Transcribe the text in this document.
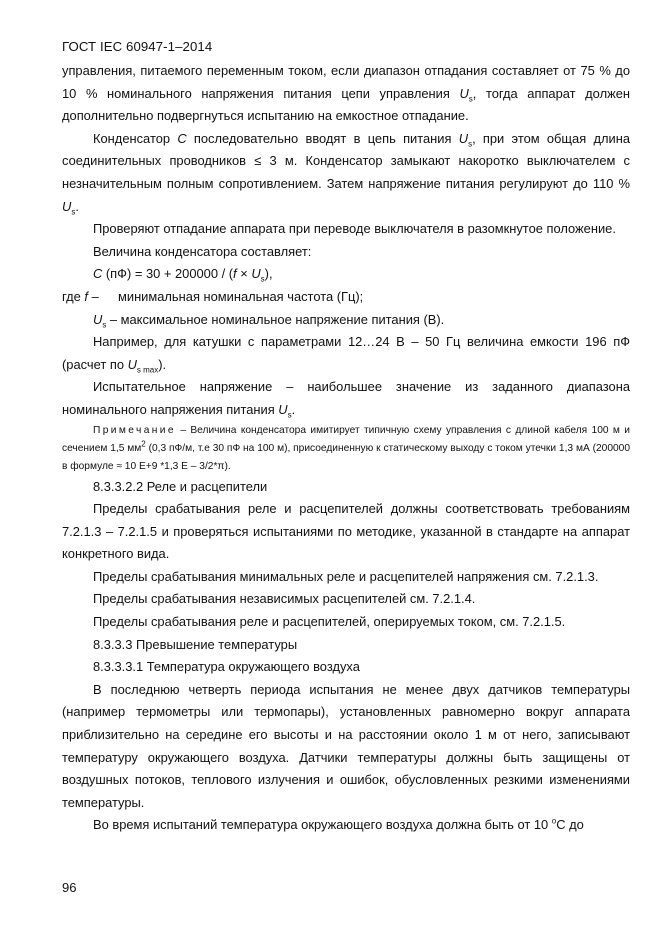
ГОСТ IEC 60947-1–2014

управления, питаемого переменным током, если диапазон отпадания составляет от 75 % до 10 % номинального напряжения питания цепи управления $U_s$, тогда аппарат должен дополнительно подвергнуться испытанию на емкостное отпадание.

Конденсатор C последовательно вводят в цепь питания $U_s$, при этом общая длина соединительных проводников ≤ 3 м. Конденсатор замыкают накоротко выключателем с незначительным полным сопротивлением. Затем напряжение питания регулируют до 110 % $U_s$.

Проверяют отпадание аппарата при переводе выключателя в разомкнутое положение.

Величина конденсатора составляет:

C $(пФ) = 30 + 200000 / (f \times U_s)$,

где f –	минимальная номинальная частота (Гц);

$U_s$ – максимальное номинальное напряжение питания (В).

Например, для катушки с параметрами 12…24 В – 50 Гц величина емкости 196 пФ (расчет по $U_{s max}$).

Испытательное напряжение – наибольшее значение из заданного диапазона номинального напряжения питания $U_s$.

Примечание – Величина конденсатора имитирует типичную схему управления с длиной кабеля 100 м и сечением 1,5 $мм^2$ (0,3 пФ/м, т.е 30 пФ на 100 м), присоединенную к статическому выходу с током утечки 1,3 мА (200000 в формуле ≈ 10 E+9 *1,3 E – 3/2*π).

8.3.3.2.2 Реле и расцепители

Пределы срабатывания реле и расцепителей должны соответствовать требованиям 7.2.1.3 – 7.2.1.5 и проверяться испытаниями по методике, указанной в стандарте на аппарат конкретного вида.

Пределы срабатывания минимальных реле и расцепителей напряжения см. 7.2.1.3.

Пределы срабатывания независимых расцепителей см. 7.2.1.4.

Пределы срабатывания реле и расцепителей, оперируемых током, см. 7.2.1.5.

8.3.3.3 Превышение температуры

8.3.3.3.1 Температура окружающего воздуха

В последнюю четверть периода испытания не менее двух датчиков температуры (например термометры или термопары), установленных равномерно вокруг аппарата приблизительно на середине его высоты и на расстоянии около 1 м от него, записывают температуру окружающего воздуха. Датчики температуры должны быть защищены от воздушных потоков, теплового излучения и ошибок, обусловленных резкими изменениями температуры.

Во время испытаний температура окружающего воздуха должна быть от 10 $^o$С до

96
